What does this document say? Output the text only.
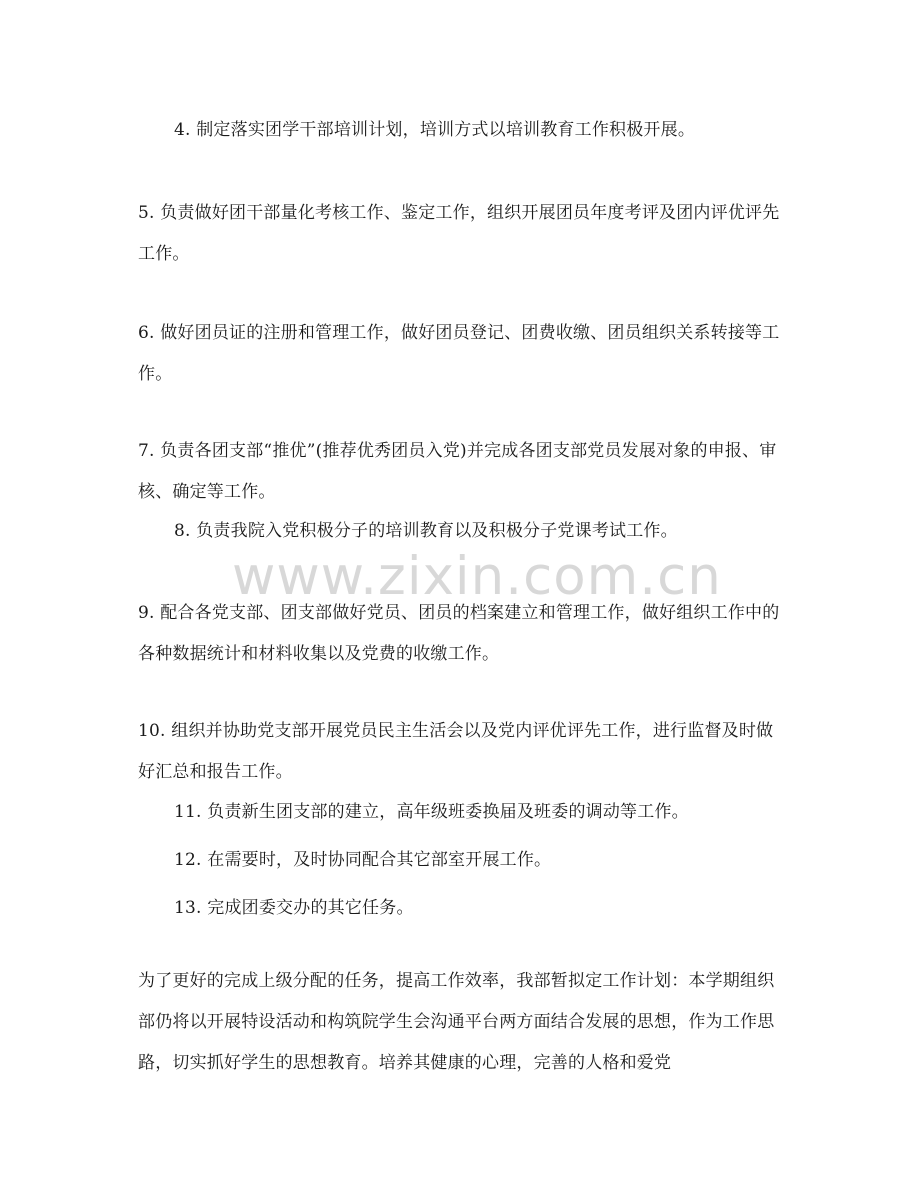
4. 制定落实团学干部培训计划，培训方式以培训教育工作积极开展。

5. 负责做好团干部量化考核工作、鉴定工作，组织开展团员年度考评及团内评优评先工作。

6. 做好团员证的注册和管理工作，做好团员登记、团费收缴、团员组织关系转接等工作。

7. 负责各团支部“推优”(推荐优秀团员入党)并完成各团支部党员发展对象的申报、审核、确定等工作。

8. 负责我院入党积极分子的培训教育以及积极分子党课考试工作。

9. 配合各党支部、团支部做好党员、团员的档案建立和管理工作，做好组织工作中的各种数据统计和材料收集以及党费的收缴工作。

10. 组织并协助党支部开展党员民主生活会以及党内评优评先工作，进行监督及时做好汇总和报告工作。

11. 负责新生团支部的建立，高年级班委换届及班委的调动等工作。

12. 在需要时，及时协同配合其它部室开展工作。

13. 完成团委交办的其它任务。

为了更好的完成上级分配的任务，提高工作效率，我部暂拟定工作计划：本学期组织部仍将以开展特设活动和构筑院学生会沟通平台两方面结合发展的思想，作为工作思路，切实抓好学生的思想教育。培养其健康的心理，完善的人格和爱党

www.zixin.com.cn
